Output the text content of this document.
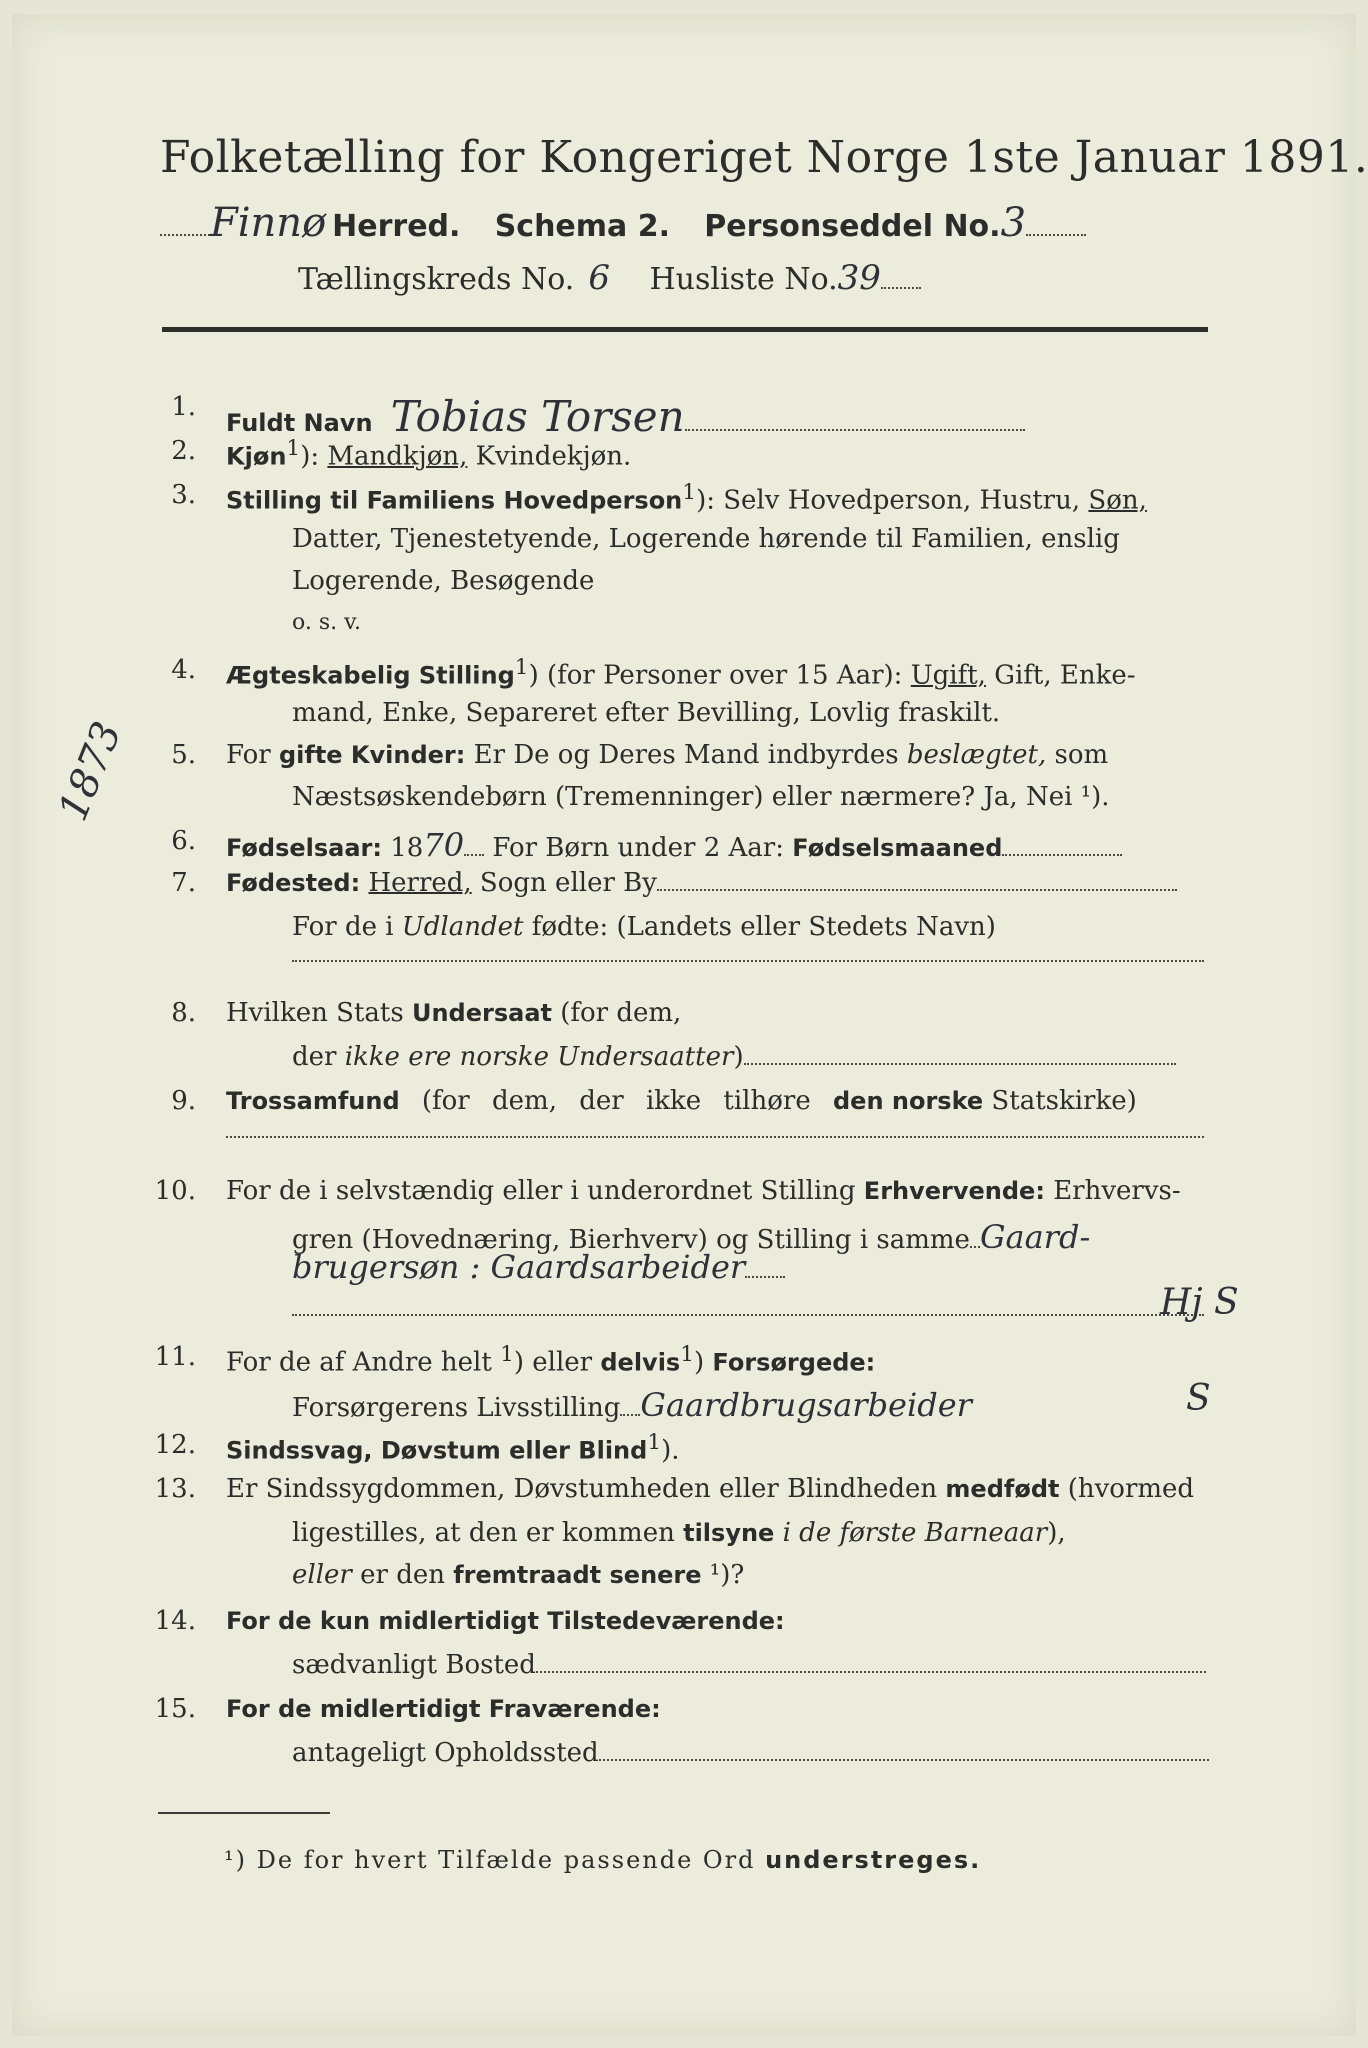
Folketælling for Kongeriget Norge 1ste Januar 1891.
Finnø Herred. Schema 2. Personseddel No.3
Tællingskreds No. 6 Husliste No.39
1.
Fuldt Navn Tobias Torsen
2. Kjøn$^1$): Mandkjøn, Kvindekjøn.
3. Stilling til Familiens Hovedperson$^1$): Selv Hovedperson, Hustru, Søn,
Datter, Tjenestetyende, Logerende hørende til Familien, enslig
Logerende, Besøgende
o. s. v.
4. Ægteskabelig Stilling$^1$) (for Personer over 15 Aar): Ugift, Gift, Enke-
mand, Enke, Separeret efter Bevilling, Lovlig fraskilt.
5. For gifte Kvinder: Er De og Deres Mand indbyrdes beslægtet, som
Næstsøskendebørn (Tremenninger) eller nærmere? Ja, Nei ¹).
1873
6. Fødselsaar: 1870 For Børn under 2 Aar: Fødselsmaaned
7. Fødested: Herred, Sogn eller By
For de i Udlandet fødte: (Landets eller Stedets Navn)
8. Hvilken Stats Undersaat (for dem,
der ikke ere norske Undersaatter)
9. Trossamfund (for dem, der ikke tilhøre den norske Statskirke)
10. For de i selvstændig eller i underordnet Stilling Erhvervende: Erhvervs-
gren (Hovednæring, Bierhverv) og Stilling i samme Gaard-
brugersøn : Gaardsarbeider
Hj S
11. For de af Andre helt $^1$) eller delvis$^1$) Forsørgede:
Forsørgerens Livsstilling Gaardbrugsarbeider	S
12. Sindssvag, Døvstum eller Blind$^1$).
13. Er Sindssygdommen, Døvstumheden eller Blindheden medfødt (hvormed
ligestilles, at den er kommen tilsyne i de første Barneaar),
eller er den fremtraadt senere ¹)?
14. For de kun midlertidigt Tilstedeværende:
sædvanligt Bosted
15. For de midlertidigt Fraværende:
antageligt Opholdssted
¹) De for hvert Tilfælde passende Ord understreges.
